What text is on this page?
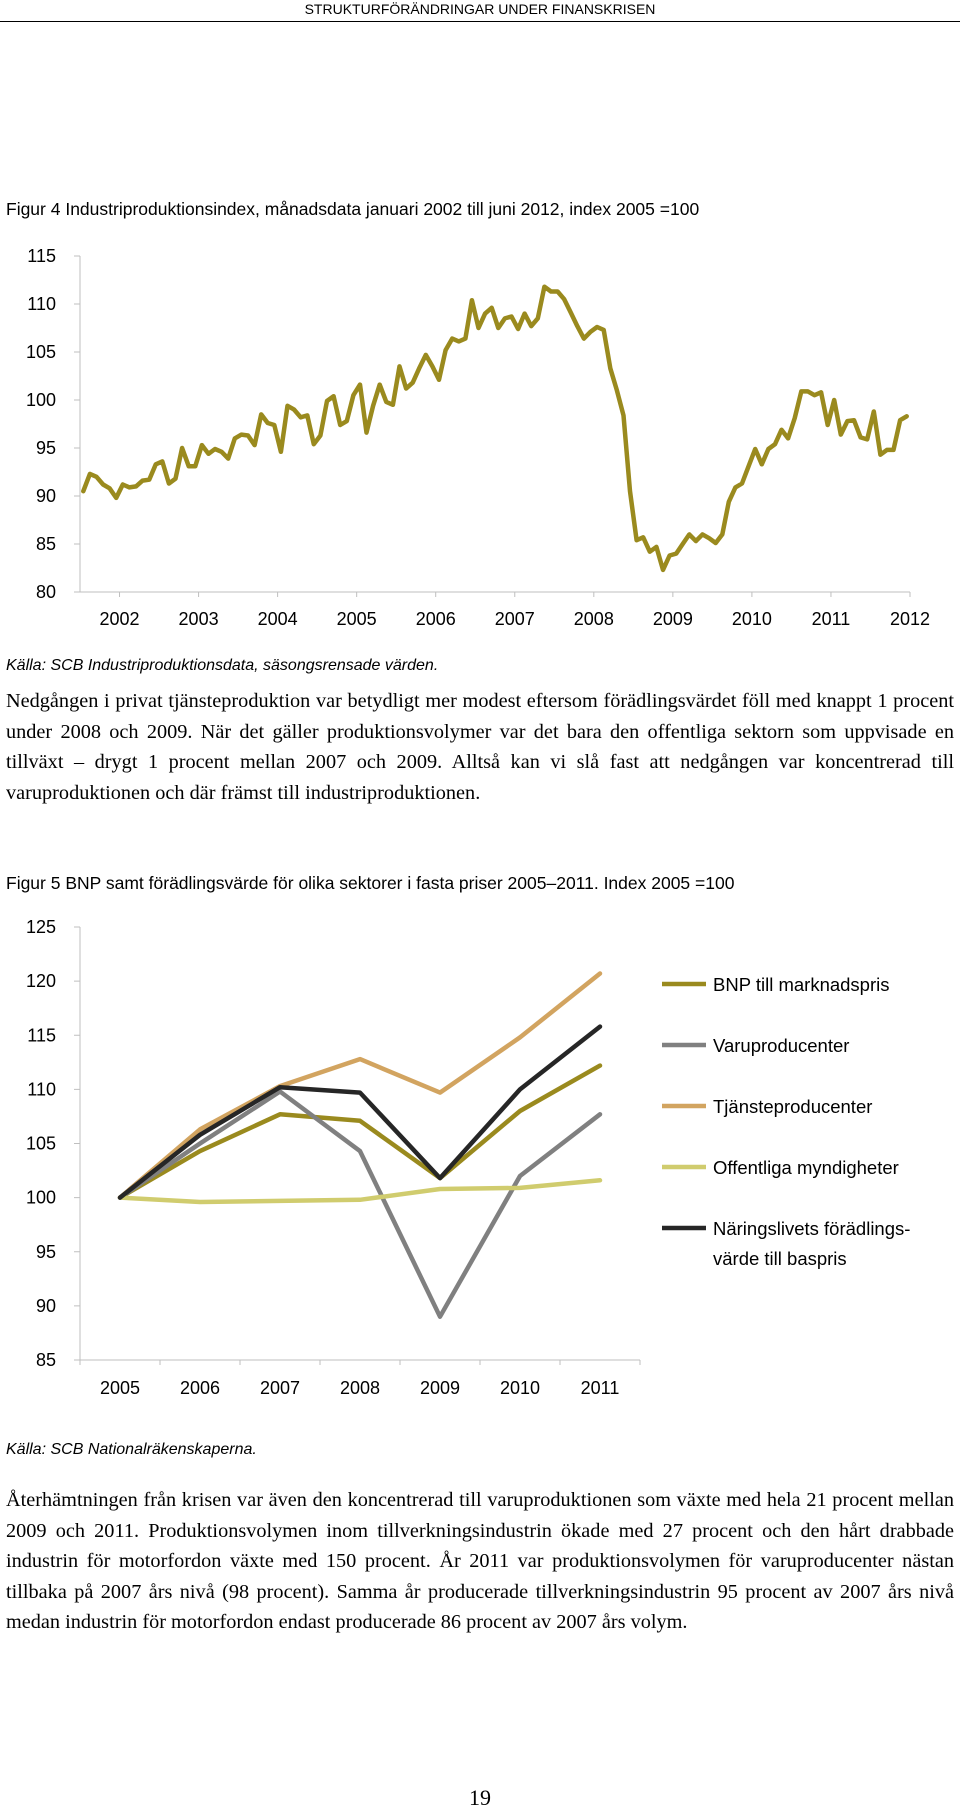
STRUKTURFÖRÄNDRINGAR UNDER FINANSKRISEN
Figur 4 Industriproduktionsindex, månadsdata januari 2002 till juni 2012, index 2005 =100
80
85
90
95
100
105
110
115
2002 2003 2004 2005 2006 2007 2008 2009 2010 2011 2012
Källa: SCB Industriproduktionsdata, säsongsrensade värden.
Nedgången i privat tjänsteproduktion var betydligt mer modest eftersom förädlingsvärdet föll med knappt 1 procent under 2008 och 2009. När det gäller produktionsvolymer var det bara den offentliga sektorn som uppvisade en tillväxt – drygt 1 procent mellan 2007 och 2009. Alltså kan vi slå fast att nedgången var koncentrerad till varuproduktionen och där främst till industriproduktionen.
Figur 5 BNP samt förädlingsvärde för olika sektorer i fasta priser 2005–2011. Index 2005 =100
85
90
95
100
105
110
115
120
125
2005 2006 2007 2008 2009 2010 2011
BNP till marknadspris
Varuproducenter
Tjänsteproducenter
Offentliga myndigheter
Näringslivets förädlings-
värde till baspris
Källa: SCB Nationalräkenskaperna.
Återhämtningen från krisen var även den koncentrerad till varuproduktionen som växte med hela 21 procent mellan 2009 och 2011. Produktionsvolymen inom tillverkningsindustrin ökade med 27 procent och den hårt drabbade industrin för motorfordon växte med 150 procent. År 2011 var produktionsvolymen för varuproducenter nästan tillbaka på 2007 års nivå (98 procent). Samma år producerade tillverkningsindustrin 95 procent av 2007 års nivå medan industrin för motorfordon endast producerade 86 procent av 2007 års volym.
19
